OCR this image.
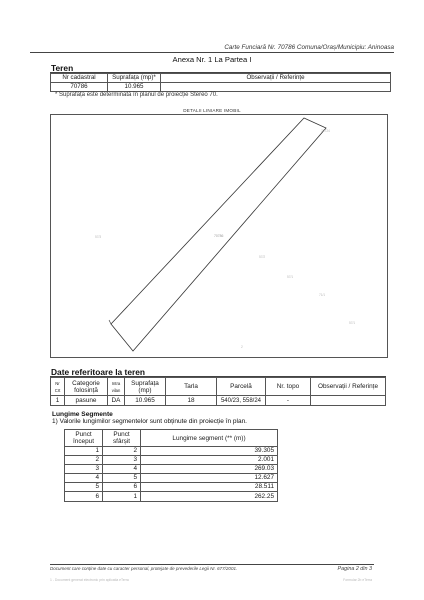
Carte Funciară Nr. 70786 Comuna/Oraș/Municipiu: Aninoasa
Anexa Nr. 1 La Partea I
Teren
Nr cadastral	Suprafața (mp)*	Observații / Referințe
70786	10.965	
* Suprafața este determinată în planul de proiecție Stereo 70.
DETALII LINIARE IMOBIL
70786
70724
57/3
57/2
57/1
71/1
57/1
2
Date referitoare la teren
Nr Crt	Categorie folosință	Intra vilan	Suprafața (mp)	Tarla	Parcelă	Nr. topo	Observații / Referințe
1	pasune	DA	10.965	18	540/23, 558/24	-	
Lungime Segmente
1) Valorile lungimilor segmentelor sunt obținute din proiecție în plan.
Punct început	Punct sfârșit	Lungime segment (** (m))
1	2	39.305
2	3	2.001
3	4	269.03
4	5	12.627
5	6	28.511
6	1	262.25
Document care conține date cu caracter personal, protejate de prevederile Legii Nr. 677/2001.	Pagina 2 din 3
1 - Document generat electronic prin aplicatia eTerra	Formular 2b eTerra
